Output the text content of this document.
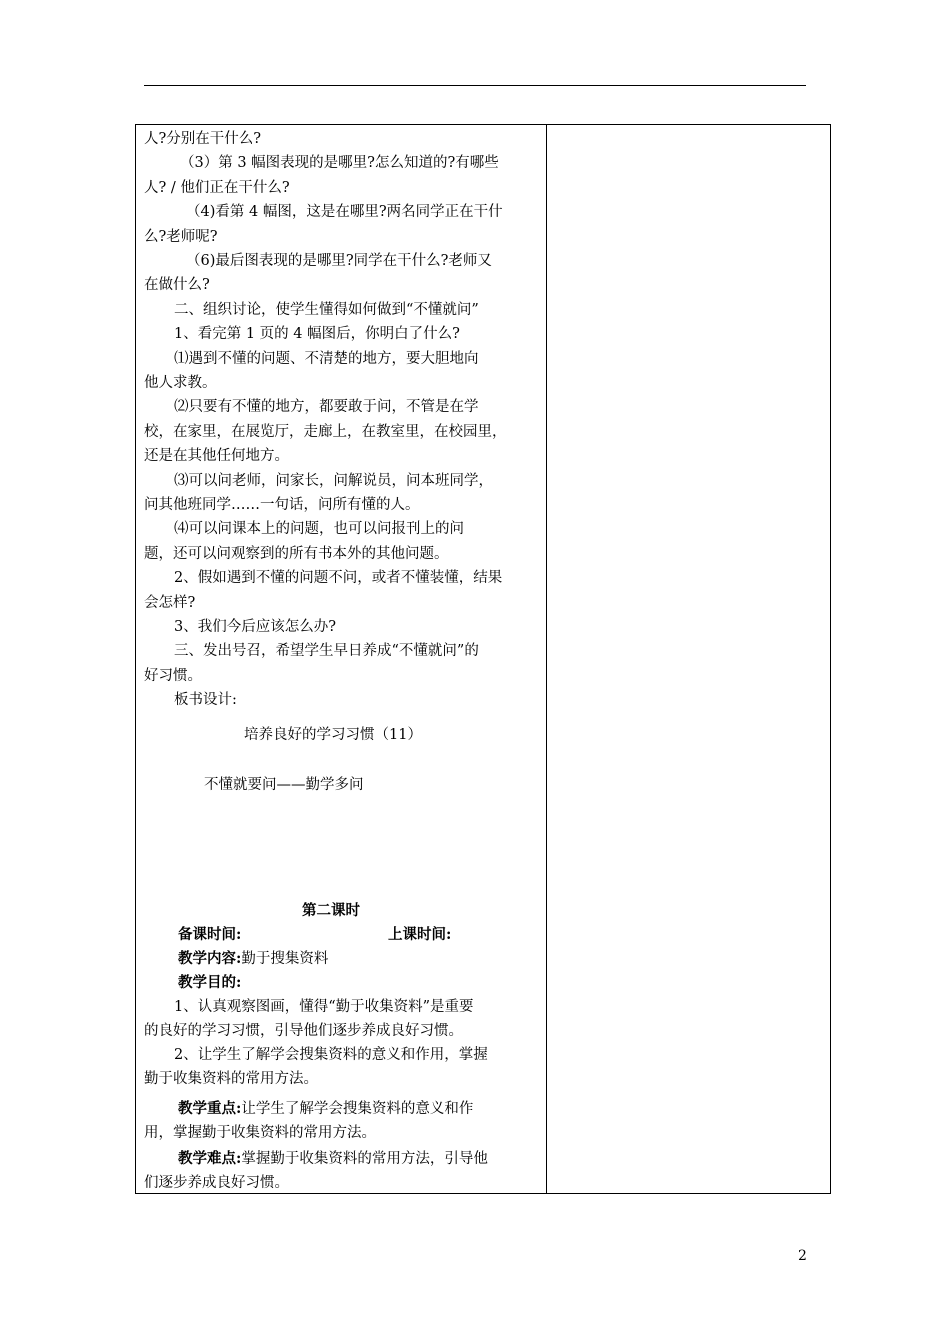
人?分别在干什么?
（3）第 3 幅图表现的是哪里?怎么知道的?有哪些
人? / 他们正在干什么?
（4)看第 4 幅图，这是在哪里?两名同学正在干什
么?老师呢?
（6)最后图表现的是哪里?同学在干什么?老师又
在做什么?
二、组织讨论，使学生懂得如何做到“不懂就问”
1、看完第 1 页的 4 幅图后，你明白了什么?
⑴遇到不懂的问题、不清楚的地方，要大胆地向
他人求教。
⑵只要有不懂的地方，都要敢于问，不管是在学
校，在家里，在展览厅，走廊上，在教室里，在校园里，
还是在其他任何地方。
⑶可以问老师，问家长，问解说员，问本班同学，
问其他班同学……一句话，问所有懂的人。
⑷可以问课本上的问题，也可以问报刊上的问
题，还可以问观察到的所有书本外的其他问题。
2、假如遇到不懂的问题不问，或者不懂装懂，结果
会怎样?
3、我们今后应该怎么办?
三、发出号召，希望学生早日养成“不懂就问”的
好习惯。
板书设计:
培养良好的学习习惯（11）
不懂就要问——勤学多问
第二课时
备课时间:	上课时间:
教学内容:勤于搜集资料
教学目的:
1、认真观察图画，懂得“勤于收集资料”是重要
的良好的学习习惯，引导他们逐步养成良好习惯。
2、让学生了解学会搜集资料的意义和作用，掌握
勤于收集资料的常用方法。
教学重点:让学生了解学会搜集资料的意义和作
用，掌握勤于收集资料的常用方法。
教学难点:掌握勤于收集资料的常用方法，引导他
们逐步养成良好习惯。
2
